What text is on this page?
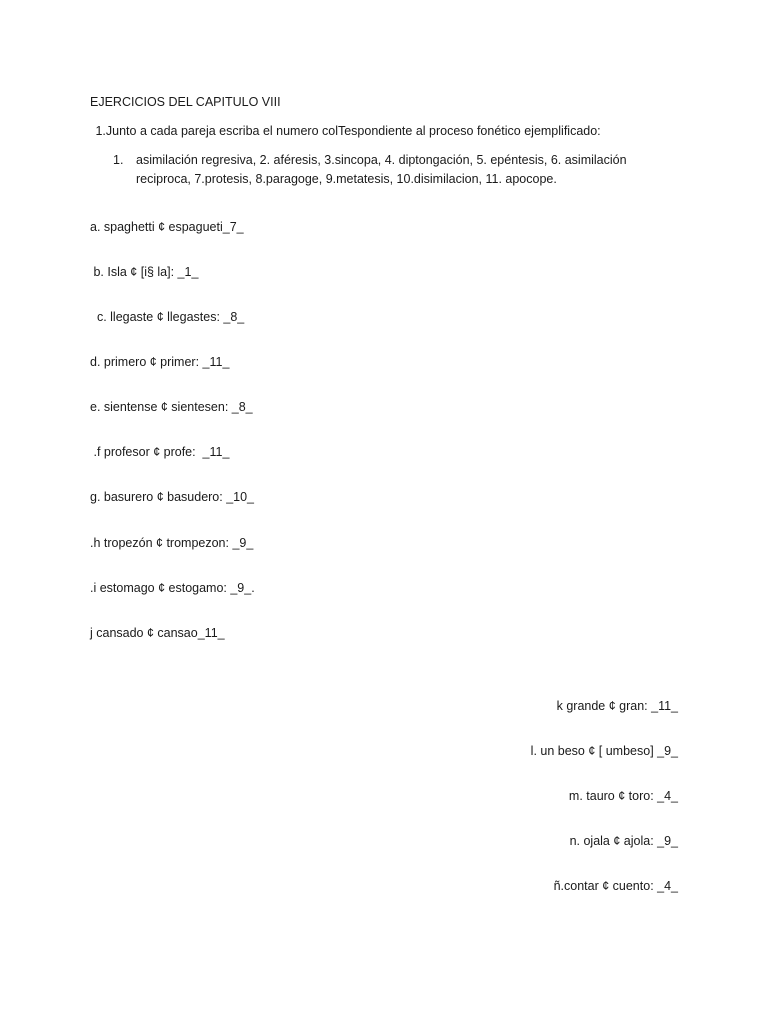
EJERCICIOS DEL CAPITULO VIII
1.Junto a cada pareja escriba el numero colTespondiente al proceso fonético ejemplificado:
1. asimilación regresiva, 2. aféresis, 3.sincopa, 4. diptongación, 5. epéntesis, 6. asimilación
reciproca, 7.protesis, 8.paragoge, 9.metatesis, 10.disimilacion, 11. apocope.
a. spaghetti ¢ espagueti_7_
b. Isla ¢ [i§ la]: _1_
c. llegaste ¢ llegastes: _8_
d. primero ¢ primer: _11_
e. sientense ¢ sientesen: _8_
.f profesor ¢ profe:  _11_
g. basurero ¢ basudero: _10_
.h tropezón ¢ trompezon: _9_
.i estomago ¢ estogamo: _9_.
j cansado ¢ cansao_11_
k grande ¢ gran: _11_
l. un beso ¢ [ umbeso] _9_
m. tauro ¢ toro: _4_
n. ojala ¢ ajola: _9_
ñ.contar ¢ cuento: _4_
